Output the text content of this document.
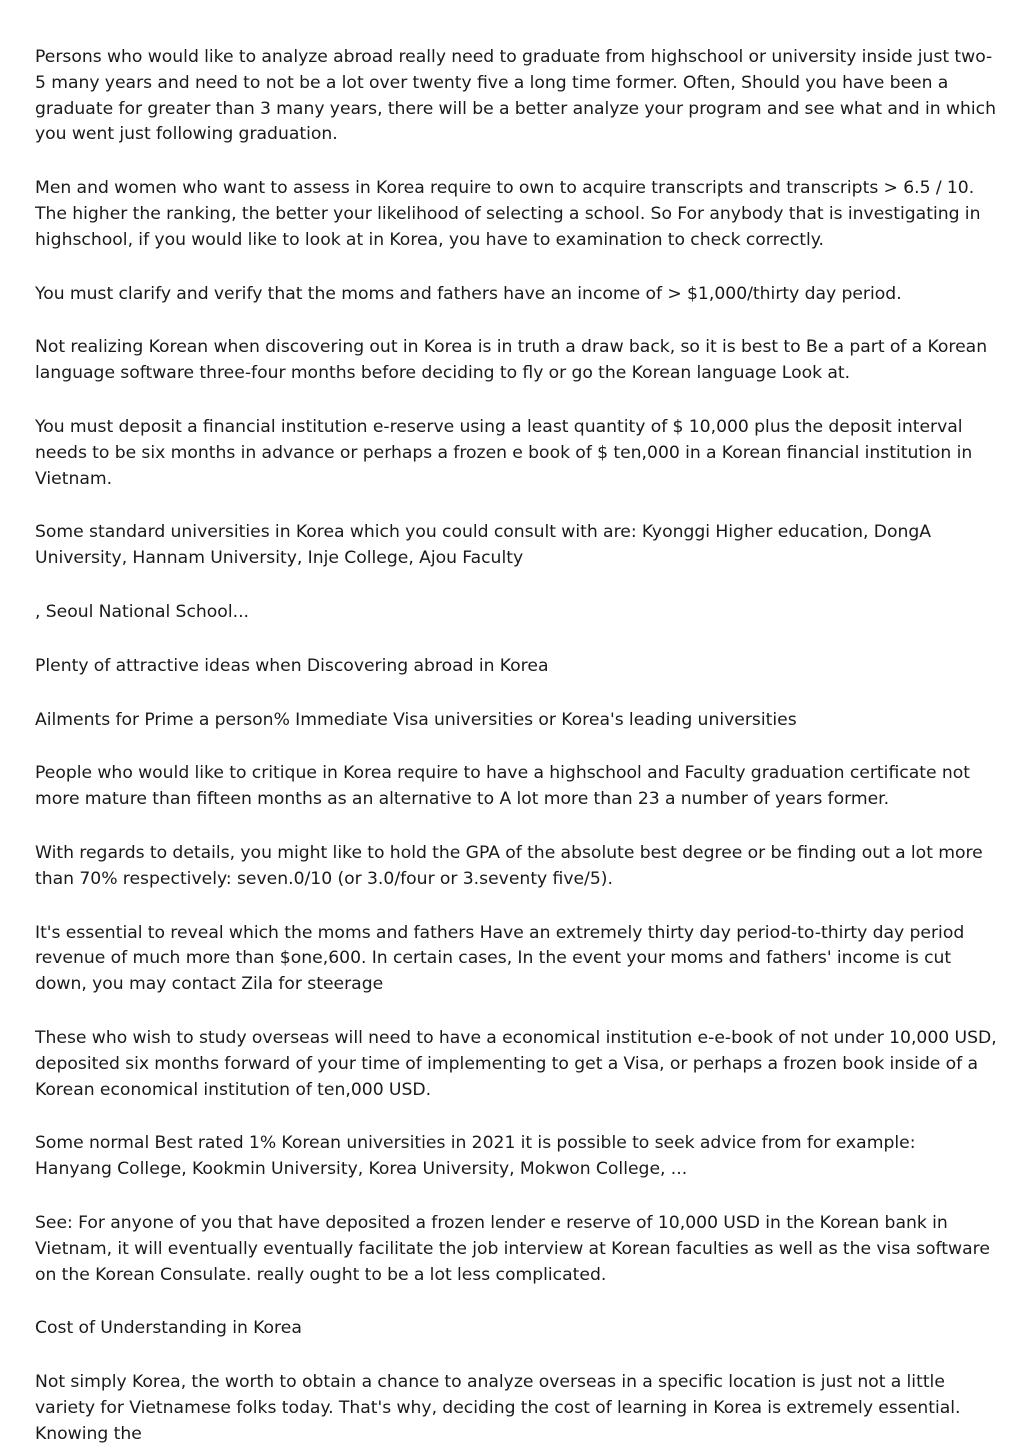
Persons who would like to analyze abroad really need to graduate from highschool or university inside just two-5 many years and need to not be a lot over twenty five a long time former. Often, Should you have been a graduate for greater than 3 many years, there will be a better analyze your program and see what and in which you went just following graduation.

Men and women who want to assess in Korea require to own to acquire transcripts and transcripts > 6.5 / 10. The higher the ranking, the better your likelihood of selecting a school. So For anybody that is investigating in highschool, if you would like to look at in Korea, you have to examination to check correctly.

You must clarify and verify that the moms and fathers have an income of > $1,000/thirty day period.

Not realizing Korean when discovering out in Korea is in truth a draw back, so it is best to Be a part of a Korean language software three-four months before deciding to fly or go the Korean language Look at.

You must deposit a financial institution e-reserve using a least quantity of $ 10,000 plus the deposit interval needs to be six months in advance or perhaps a frozen e book of $ ten,000 in a Korean financial institution in Vietnam.

Some standard universities in Korea which you could consult with are: Kyonggi Higher education, DongA University, Hannam University, Inje College, Ajou Faculty

, Seoul National School...

Plenty of attractive ideas when Discovering abroad in Korea

Ailments for Prime a person% Immediate Visa universities or Korea's leading universities

People who would like to critique in Korea require to have a highschool and Faculty graduation certificate not more mature than fifteen months as an alternative to A lot more than 23 a number of years former.

With regards to details, you might like to hold the GPA of the absolute best degree or be finding out a lot more than 70% respectively: seven.0/10 (or 3.0/four or 3.seventy five/5).

It's essential to reveal which the moms and fathers Have an extremely thirty day period-to-thirty day period revenue of much more than $one,600. In certain cases, In the event your moms and fathers' income is cut down, you may contact Zila for steerage

These who wish to study overseas will need to have a economical institution e-e-book of not under 10,000 USD, deposited six months forward of your time of implementing to get a Visa, or perhaps a frozen book inside of a Korean economical institution of ten,000 USD.

Some normal Best rated 1% Korean universities in 2021 it is possible to seek advice from for example: Hanyang College, Kookmin University, Korea University, Mokwon College, ...

See: For anyone of you that have deposited a frozen lender e reserve of 10,000 USD in the Korean bank in Vietnam, it will eventually eventually facilitate the job interview at Korean faculties as well as the visa software on the Korean Consulate. really ought to be a lot less complicated.

Cost of Understanding in Korea

Not simply Korea, the worth to obtain a chance to analyze overseas in a specific location is just not a little variety for Vietnamese folks today. That's why, deciding the cost of learning in Korea is extremely essential. Knowing the
